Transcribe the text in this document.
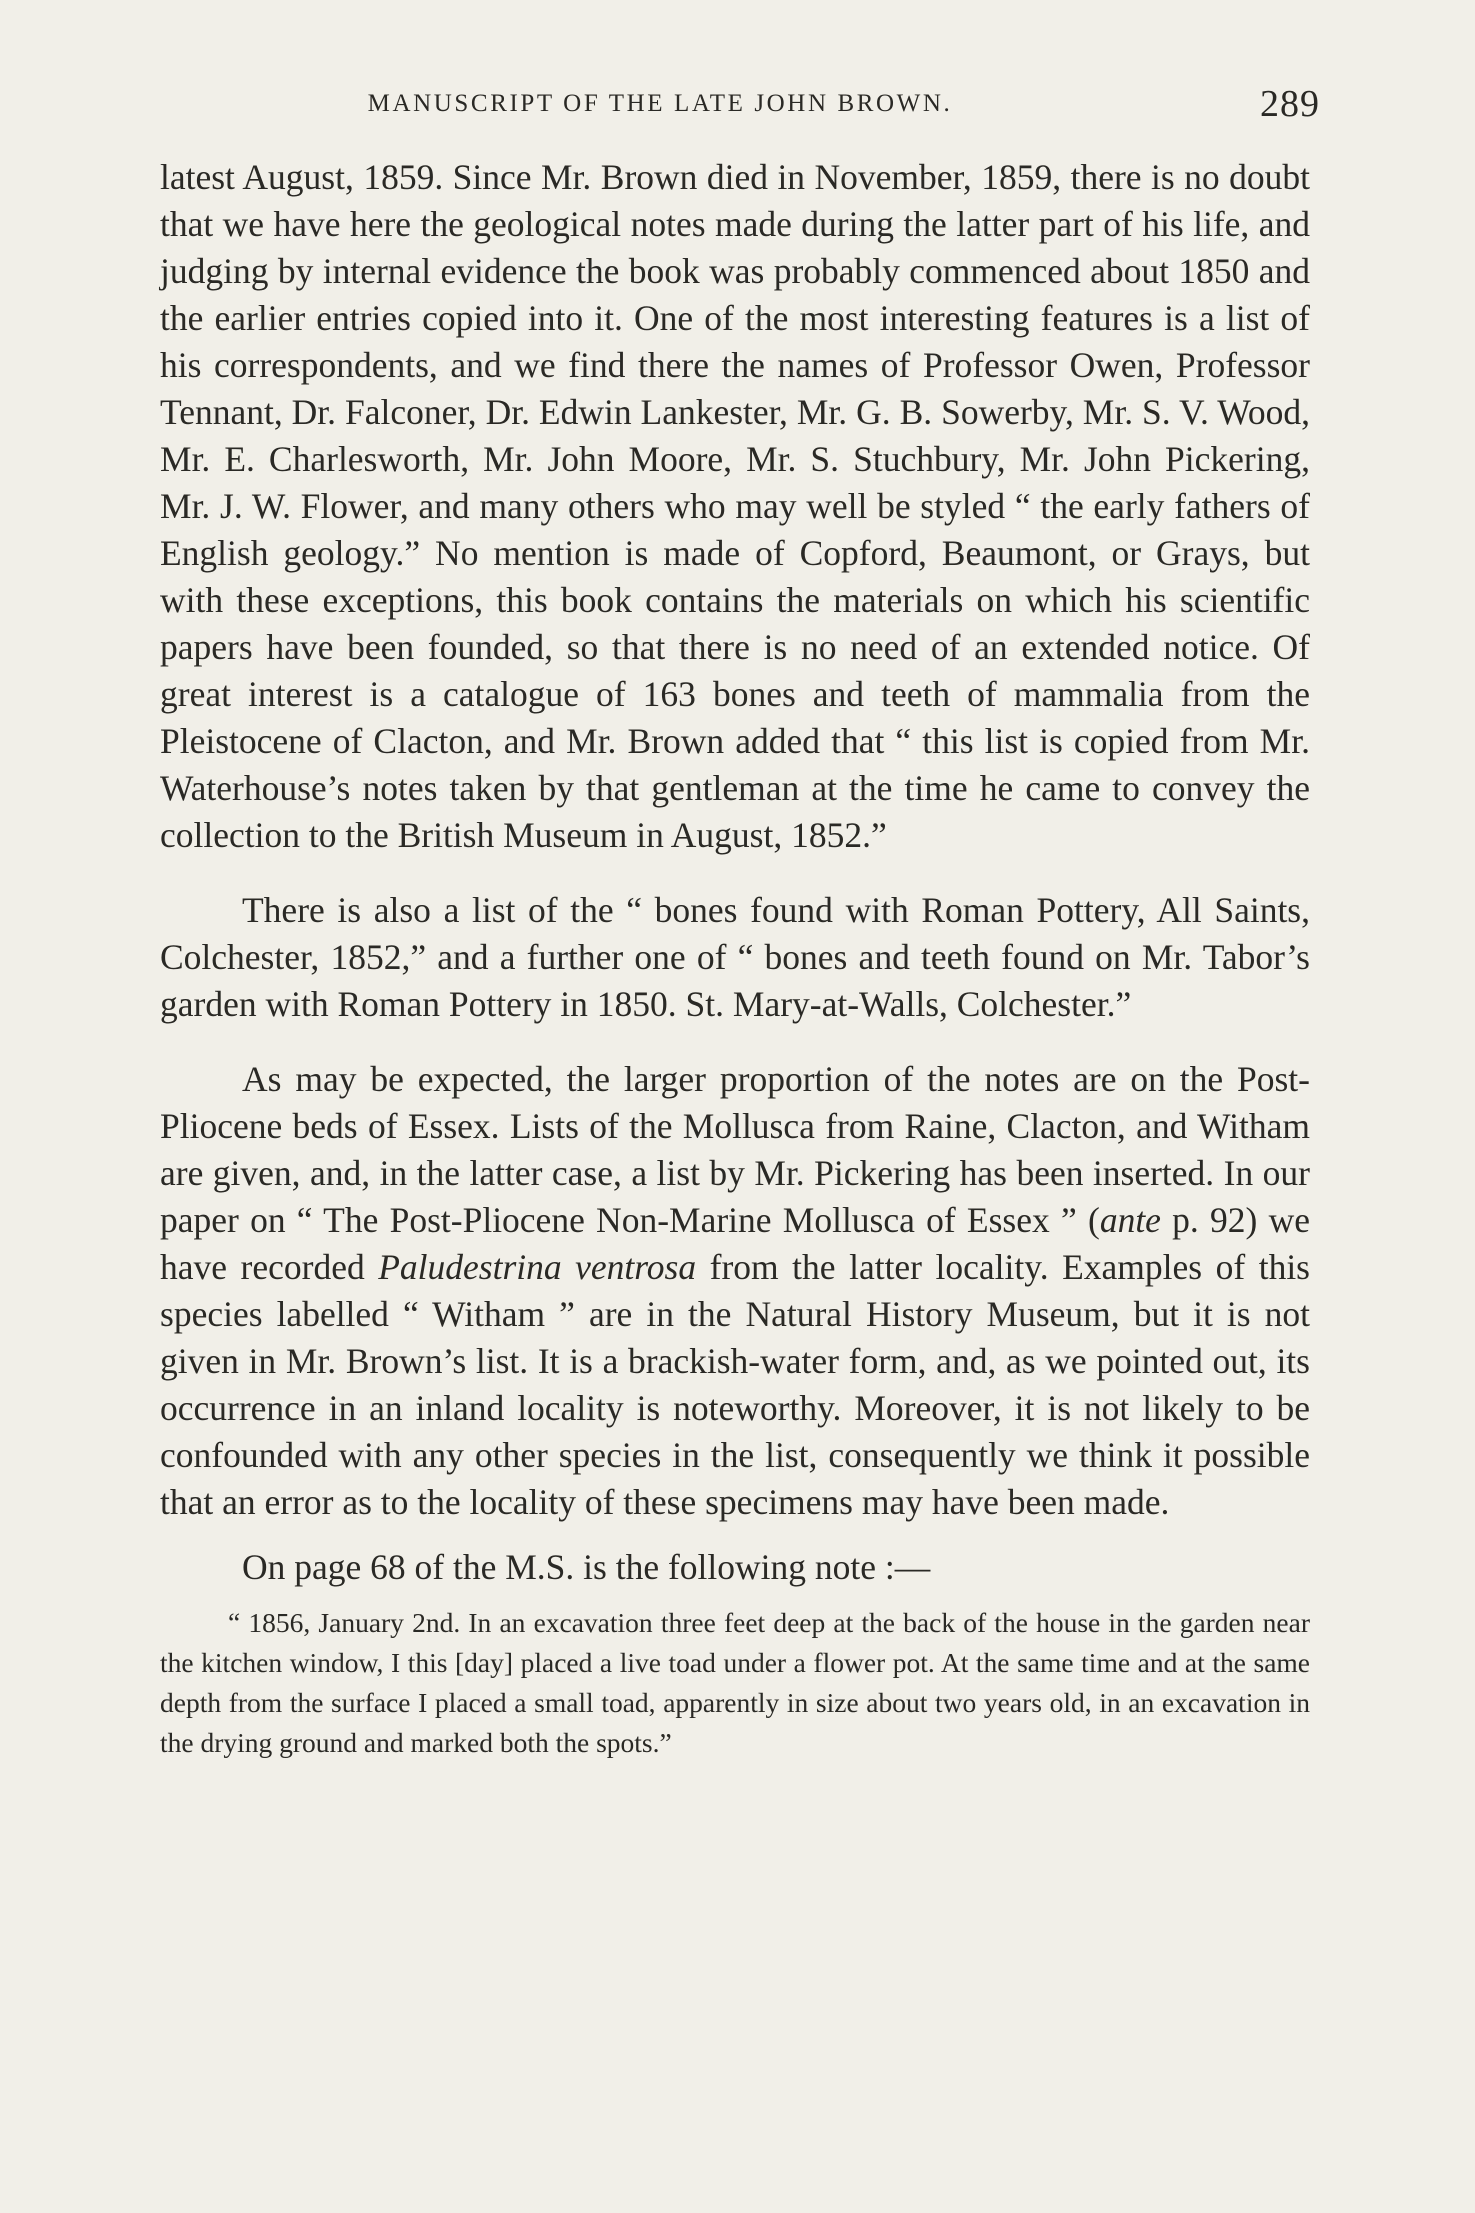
MANUSCRIPT OF THE LATE JOHN BROWN.	289

latest August, 1859. Since Mr. Brown died in November, 1859, there is no doubt that we have here the geological notes made during the latter part of his life, and judging by internal evidence the book was probably commenced about 1850 and the earlier entries copied into it. One of the most interesting features is a list of his correspondents, and we find there the names of Professor Owen, Professor Tennant, Dr. Falconer, Dr. Edwin Lankester, Mr. G. B. Sowerby, Mr. S. V. Wood, Mr. E. Charlesworth, Mr. John Moore, Mr. S. Stuchbury, Mr. John Pickering, Mr. J. W. Flower, and many others who may well be styled “ the early fathers of English geology.” No mention is made of Copford, Beaumont, or Grays, but with these exceptions, this book contains the materials on which his scientific papers have been founded, so that there is no need of an extended notice. Of great interest is a catalogue of 163 bones and teeth of mammalia from the Pleistocene of Clacton, and Mr. Brown added that “ this list is copied from Mr. Waterhouse’s notes taken by that gentleman at the time he came to convey the collection to the British Museum in August, 1852.”

There is also a list of the “ bones found with Roman Pottery, All Saints, Colchester, 1852,” and a further one of “ bones and teeth found on Mr. Tabor’s garden with Roman Pottery in 1850. St. Mary-at-Walls, Colchester.”

As may be expected, the larger proportion of the notes are on the Post-Pliocene beds of Essex. Lists of the Mollusca from Raine, Clacton, and Witham are given, and, in the latter case, a list by Mr. Pickering has been inserted. In our paper on “ The Post-Pliocene Non-Marine Mollusca of Essex ” (ante p. 92) we have recorded Paludestrina ventrosa from the latter locality. Examples of this species labelled “ Witham ” are in the Natural History Museum, but it is not given in Mr. Brown’s list. It is a brackish-water form, and, as we pointed out, its occurrence in an inland locality is noteworthy. Moreover, it is not likely to be confounded with any other species in the list, consequently we think it possible that an error as to the locality of these specimens may have been made.

On page 68 of the M.S. is the following note :—

“ 1856, January 2nd. In an excavation three feet deep at the back of the house in the garden near the kitchen window, I this [day] placed a live toad under a flower pot. At the same time and at the same depth from the surface I placed a small toad, apparently in size about two years old, in an excavation in the drying ground and marked both the spots.”
